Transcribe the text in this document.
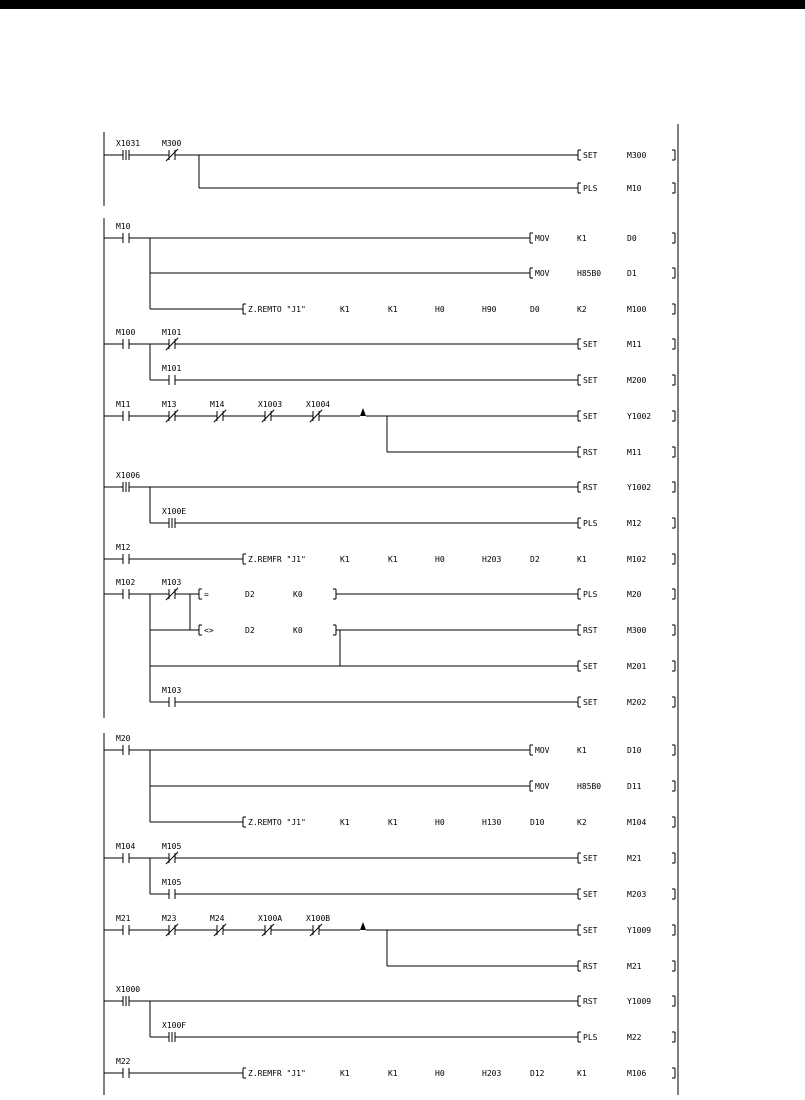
X1031	M300
SET	M300
PLS	M10
M10
MOV	K1	D0
MOV	H85B0	D1
Z.REMTO "J1"	K1	K1	H0	H90	D0	K2	M100
M100	M101
SET	M11
M101
SET	M200
M11	M13	M14	X1003	X1004
SET	Y1002
RST	M11
X1006
RST	Y1002
X100E
PLS	M12
M12
Z.REMFR "J1"	K1	K1	H0	H203	D2	K1	M102
M102	M103
=	D2	K0	PLS	M20
<>	D2	K0	RST	M300
SET	M201
M103
SET	M202
M20
MOV	K1	D10
MOV	H85B0	D11
Z.REMTO "J1"	K1	K1	H0	H130	D10	K2	M104
M104	M105
SET	M21
M105
SET	M203
M21	M23	M24	X100A	X100B
SET	Y1009
RST	M21
X1000
RST	Y1009
X100F
PLS	M22
M22
Z.REMFR "J1"	K1	K1	H0	H203	D12	K1	M106
